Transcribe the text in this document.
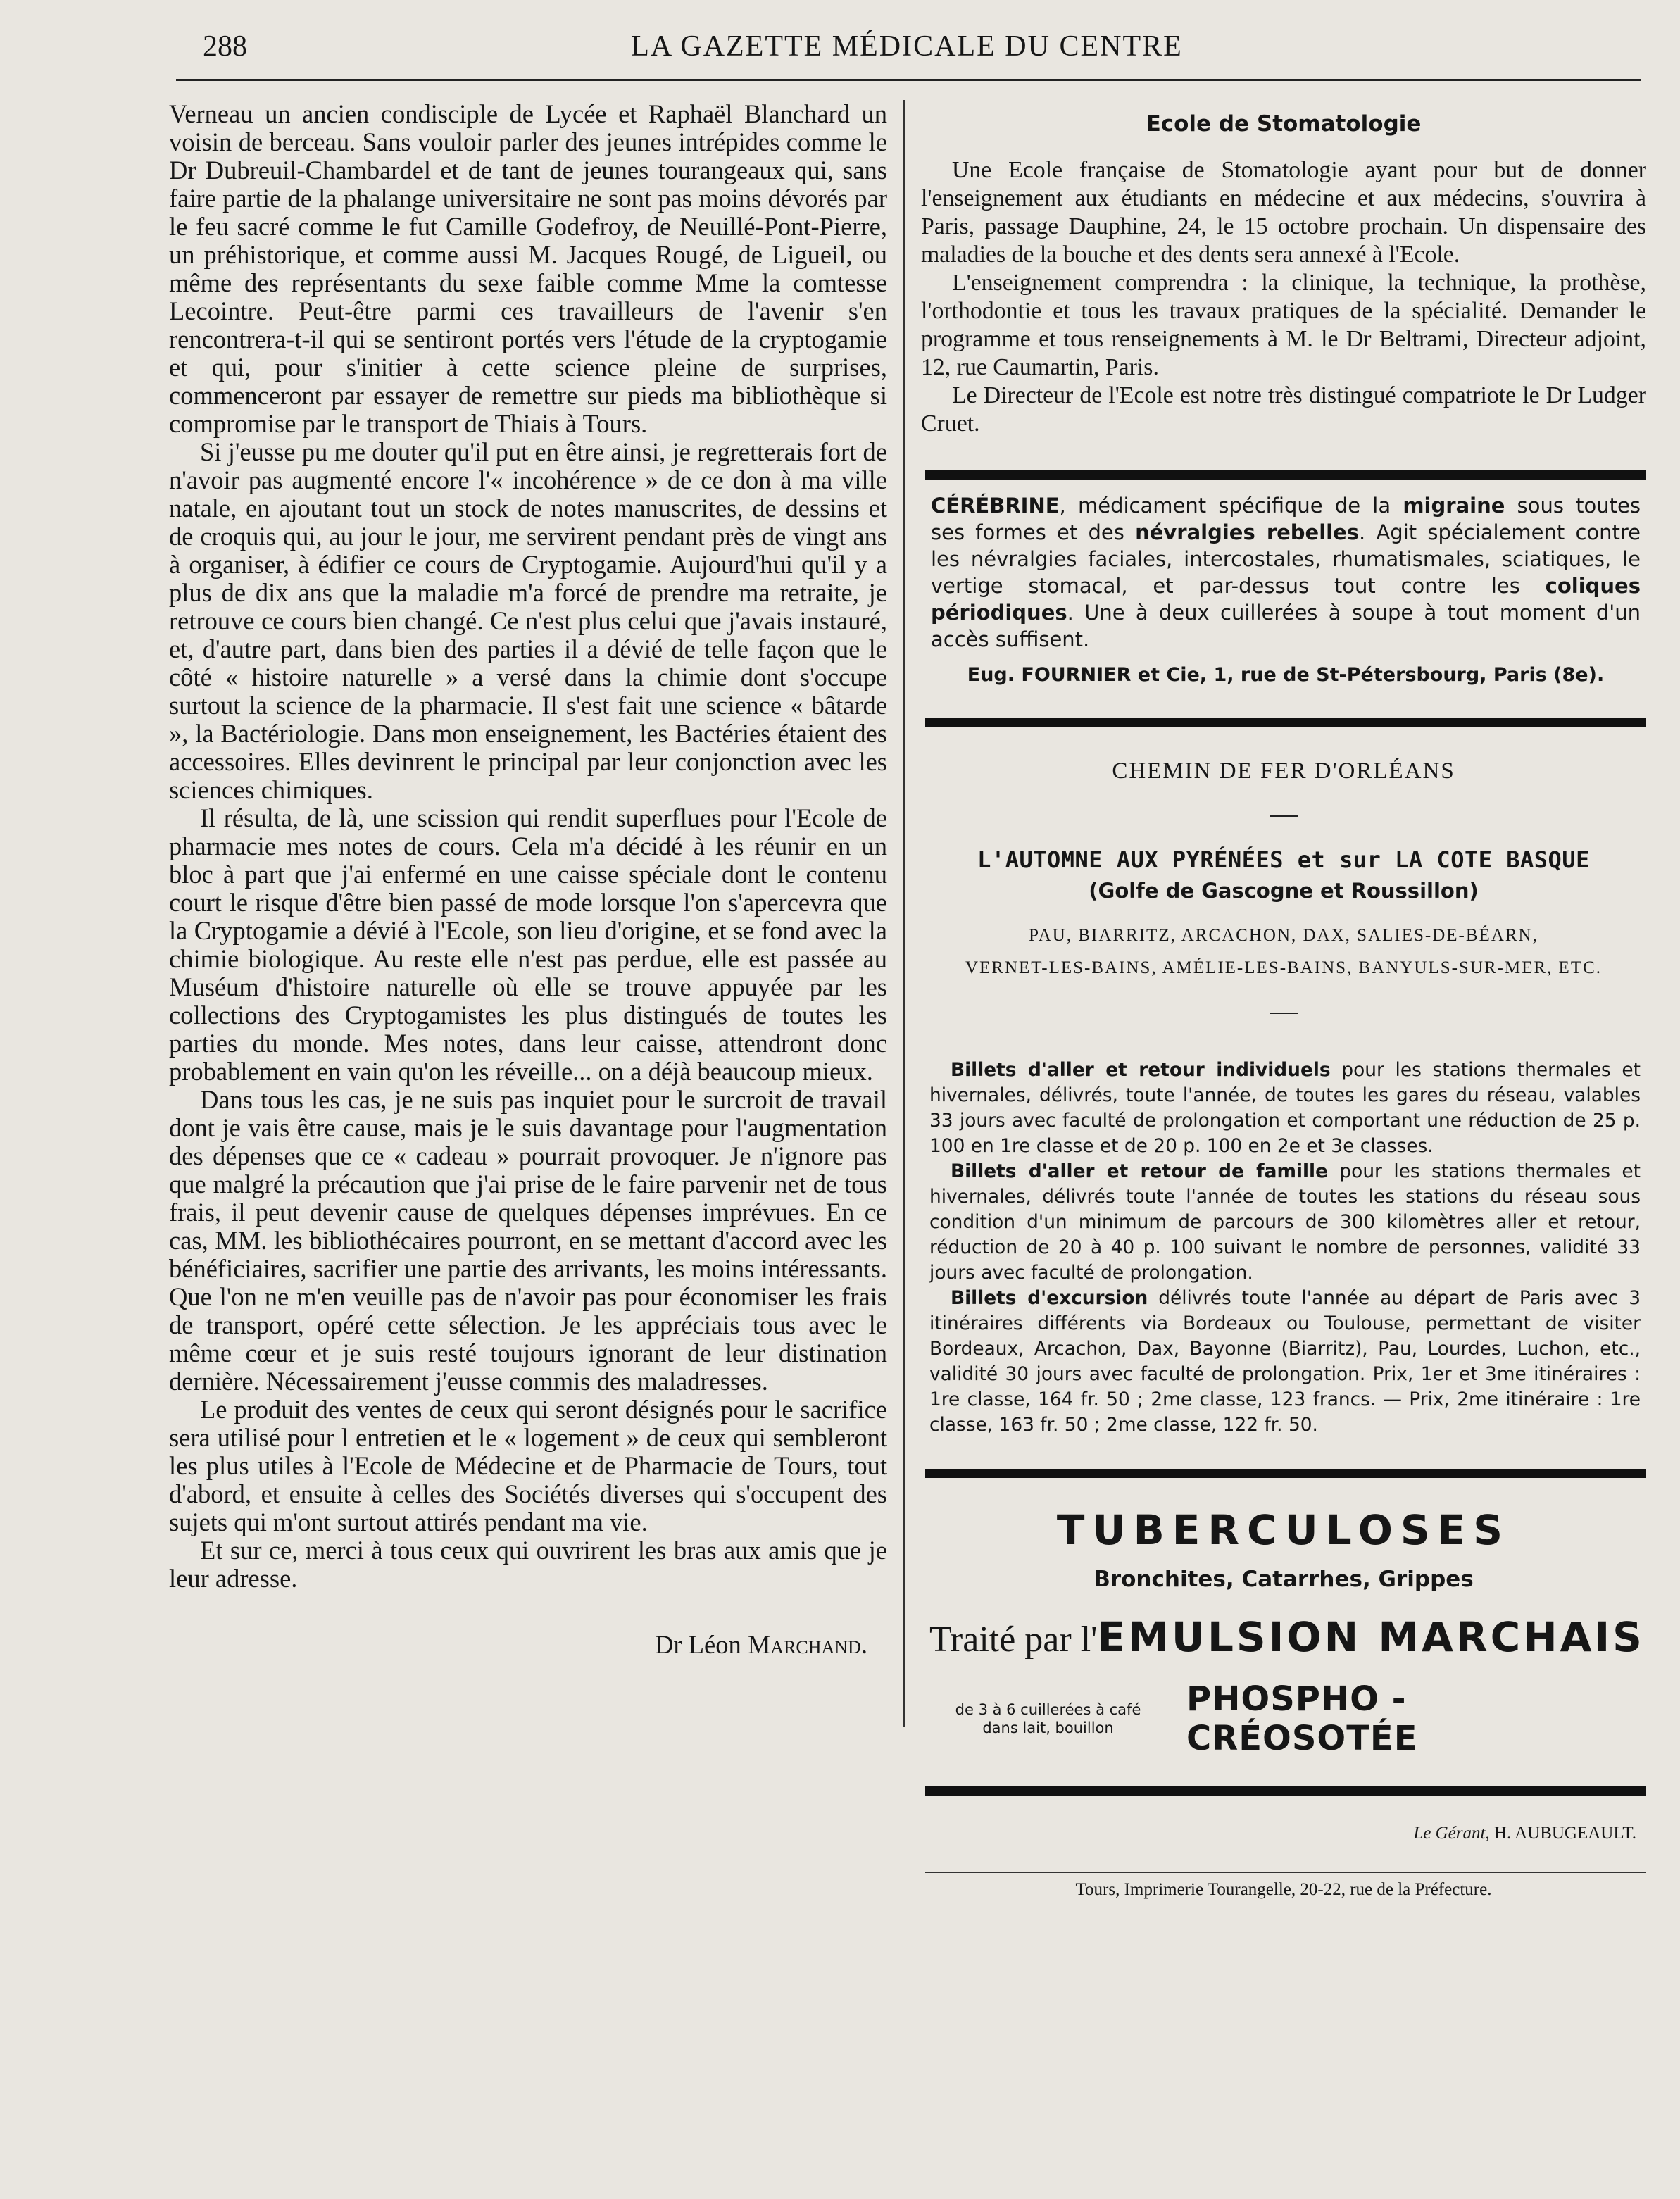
288	LA GAZETTE MÉDICALE DU CENTRE

Verneau un ancien condisciple de Lycée et Raphaël Blanchard un voisin de berceau. Sans vouloir parler des jeunes intrépides comme le Dr Dubreuil-Chambardel et de tant de jeunes tourangeaux qui, sans faire partie de la phalange universitaire ne sont pas moins dévorés par le feu sacré comme le fut Camille Godefroy, de Neuillé-Pont-Pierre, un préhistorique, et comme aussi M. Jacques Rougé, de Ligueil, ou même des représentants du sexe faible comme Mme la comtesse Lecointre. Peut-être parmi ces travailleurs de l'avenir s'en rencontrera-t-il qui se sentiront portés vers l'étude de la cryptogamie et qui, pour s'initier à cette science pleine de surprises, commenceront par essayer de remettre sur pieds ma bibliothèque si compromise par le transport de Thiais à Tours.

Si j'eusse pu me douter qu'il put en être ainsi, je regretterais fort de n'avoir pas augmenté encore l'« incohérence » de ce don à ma ville natale, en ajoutant tout un stock de notes manuscrites, de dessins et de croquis qui, au jour le jour, me servirent pendant près de vingt ans à organiser, à édifier ce cours de Cryptogamie. Aujourd'hui qu'il y a plus de dix ans que la maladie m'a forcé de prendre ma retraite, je retrouve ce cours bien changé. Ce n'est plus celui que j'avais instauré, et, d'autre part, dans bien des parties il a dévié de telle façon que le côté « histoire naturelle » a versé dans la chimie dont s'occupe surtout la science de la pharmacie. Il s'est fait une science « bâtarde », la Bactériologie. Dans mon enseignement, les Bactéries étaient des accessoires. Elles devinrent le principal par leur conjonction avec les sciences chimiques.

Il résulta, de là, une scission qui rendit superflues pour l'Ecole de pharmacie mes notes de cours. Cela m'a décidé à les réunir en un bloc à part que j'ai enfermé en une caisse spéciale dont le contenu court le risque d'être bien passé de mode lorsque l'on s'apercevra que la Cryptogamie a dévié à l'Ecole, son lieu d'origine, et se fond avec la chimie biologique. Au reste elle n'est pas perdue, elle est passée au Muséum d'histoire naturelle où elle se trouve appuyée par les collections des Cryptogamistes les plus distingués de toutes les parties du monde. Mes notes, dans leur caisse, attendront donc probablement en vain qu'on les réveille... on a déjà beaucoup mieux.

Dans tous les cas, je ne suis pas inquiet pour le surcroit de travail dont je vais être cause, mais je le suis davantage pour l'augmentation des dépenses que ce « cadeau » pourrait provoquer. Je n'ignore pas que malgré la précaution que j'ai prise de le faire parvenir net de tous frais, il peut devenir cause de quelques dépenses imprévues. En ce cas, MM. les bibliothécaires pourront, en se mettant d'accord avec les bénéficiaires, sacrifier une partie des arrivants, les moins intéressants. Que l'on ne m'en veuille pas de n'avoir pas pour économiser les frais de transport, opéré cette sélection. Je les appréciais tous avec le même cœur et je suis resté toujours ignorant de leur distination dernière. Nécessairement j'eusse commis des maladresses.

Le produit des ventes de ceux qui seront désignés pour le sacrifice sera utilisé pour l entretien et le « logement » de ceux qui sembleront les plus utiles à l'Ecole de Médecine et de Pharmacie de Tours, tout d'abord, et ensuite à celles des Sociétés diverses qui s'occupent des sujets qui m'ont surtout attirés pendant ma vie.

Et sur ce, merci à tous ceux qui ouvrirent les bras aux amis que je leur adresse.

Dr Léon Marchand.
Ecole de Stomatologie

Une Ecole française de Stomatologie ayant pour but de donner l'enseignement aux étudiants en médecine et aux médecins, s'ouvrira à Paris, passage Dauphine, 24, le 15 octobre prochain. Un dispensaire des maladies de la bouche et des dents sera annexé à l'Ecole.

L'enseignement comprendra : la clinique, la technique, la prothèse, l'orthodontie et tous les travaux pratiques de la spécialité. Demander le programme et tous renseignements à M. le Dr Beltrami, Directeur adjoint, 12, rue Caumartin, Paris.

Le Directeur de l'Ecole est notre très distingué compatriote le Dr Ludger Cruet.

CÉRÉBRINE, médicament spécifique de la migraine sous toutes ses formes et des névralgies rebelles. Agit spécialement contre les névralgies faciales, intercostales, rhumatismales, sciatiques, le vertige stomacal, et par-dessus tout contre les coliques périodiques. Une à deux cuillerées à soupe à tout moment d'un accès suffisent.

Eug. FOURNIER et Cie, 1, rue de St-Pétersbourg, Paris (8e).
CHEMIN DE FER D'ORLÉANS
L'AUTOMNE AUX PYRÉNÉES et sur LA COTE BASQUE
(Golfe de Gascogne et Roussillon)
PAU, BIARRITZ, ARCACHON, DAX, SALIES-DE-BÉARN,
VERNET-LES-BAINS, AMÉLIE-LES-BAINS, BANYULS-SUR-MER, ETC.
Billets d'aller et retour individuels pour les stations thermales et hivernales, délivrés, toute l'année, de toutes les gares du réseau, valables 33 jours avec faculté de prolongation et comportant une réduction de 25 p. 100 en 1re classe et de 20 p. 100 en 2e et 3e classes.
Billets d'aller et retour de famille pour les stations thermales et hivernales, délivrés toute l'année de toutes les stations du réseau sous condition d'un minimum de parcours de 300 kilomètres aller et retour, réduction de 20 à 40 p. 100 suivant le nombre de personnes, validité 33 jours avec faculté de prolongation.
Billets d'excursion délivrés toute l'année au départ de Paris avec 3 itinéraires différents via Bordeaux ou Toulouse, permettant de visiter Bordeaux, Arcachon, Dax, Bayonne (Biarritz), Pau, Lourdes, Luchon, etc., validité 30 jours avec faculté de prolongation. Prix, 1er et 3me itinéraires : 1re classe, 164 fr. 50 ; 2me classe, 123 francs. — Prix, 2me itinéraire : 1re classe, 163 fr. 50 ; 2me classe, 122 fr. 50.
TUBERCULOSES
Bronchites, Catarrhes, Grippes
Traité par l'EMULSION MARCHAIS
de 3 à 6 cuillerées à café
dans lait, bouillon
PHOSPHO - CRÉOSOTÉE
Le Gérant, H. AUBUGEAULT.
Tours, Imprimerie Tourangelle, 20-22, rue de la Préfecture.
